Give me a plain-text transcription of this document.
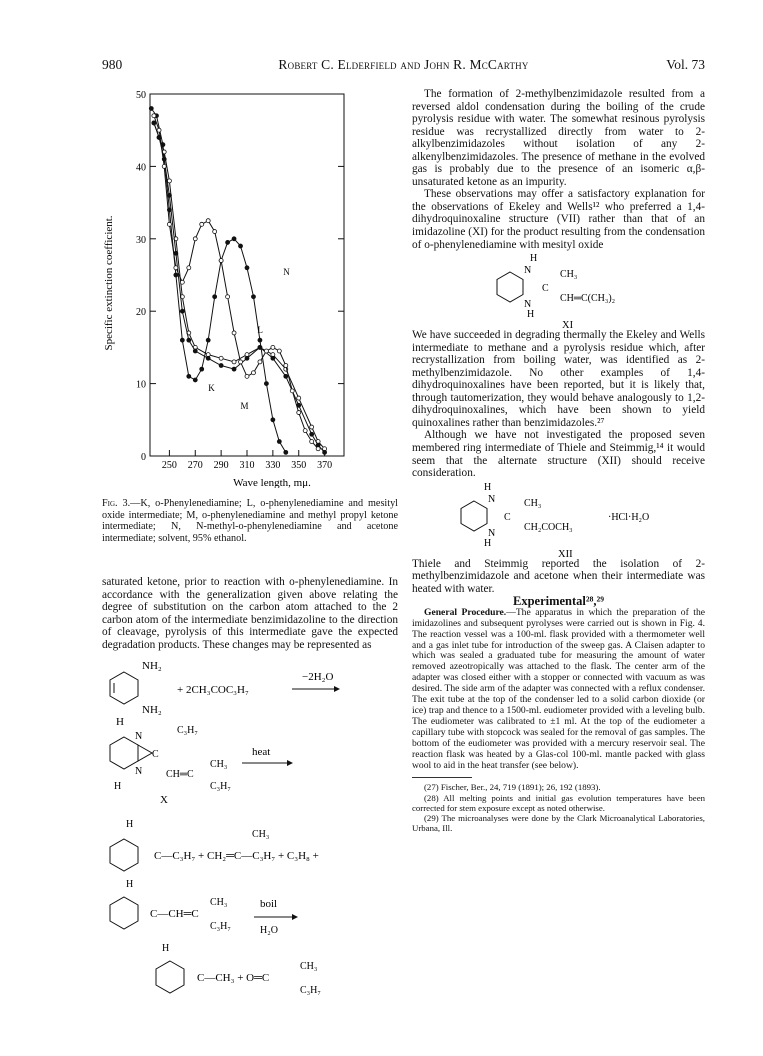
980	Robert C. Elderfield and John R. McCarthy	Vol. 73
K
L
M
N
0
10
20
30
40
50
250 270 290 310 330 350 370
Specific extinction coefficient.
Wave length, mμ.
Fig. 3.—K, o-Phenylenediamine; L, o-phenylenediamine and mesityl oxide intermediate; M, o-phenylenediamine and methyl propyl ketone intermediate; N, N-methyl-o-phenylenediamine and acetone intermediate; solvent, 95% ethanol.

saturated ketone, prior to reaction with o-phenylenediamine. In accordance with the generalization given above relating the degree of substitution on the carbon atom attached to the 2 carbon atom of the intermediate benzimidazoline to the direction of cleavage, pyrolysis of this intermediate gave the expected degradation products. These changes may be represented as

NH₂
NH₂
+ 2CH₃COC₃H₇
−2H₂O
H
N
N
C
C₃H₇
CH═C
CH₃
C₃H₇
heat
H
X
H
C—C₃H₇ + CH₂═C—C₃H₇ + C₃H₈ +
CH₃
H
C—CH═C
CH₃
C₃H₇
boil
H₂O
H
C—CH₃ + O═C
CH₃
C₃H₇

The formation of 2-methylbenzimidazole resulted from a reversed aldol condensation during the boiling of the crude pyrolysis residue with water. The somewhat resinous pyrolysis residue was recrystallized directly from water to 2-alkylbenzimidazoles without isolation of any 2-alkenylbenzimidazoles. The presence of methane in the evolved gas is probably due to the presence of an isomeric α,β-unsaturated ketone as an impurity.

These observations may offer a satisfactory explanation for the observations of Ekeley and Wells¹² who preferred a 1,4-dihydroquinoxaline structure (VII) rather than that of an imidazoline (XI) for the product resulting from the condensation of o-phenylenediamine with mesityl oxide

H
N
N
C
CH₃
CH═C(CH₃)₂
H
XI

We have succeeded in degrading thermally the Ekeley and Wells intermediate to methane and a pyrolysis residue which, after recrystallization from boiling water, was identified as 2-methylbenzimidazole. No other examples of 1,4-dihydroquinoxalines have been reported, but it is likely that, through tautomerization, they would behave analogously to 1,2-dihydroquinoxalines, which have been shown to yield quinoxalines rather than benzimidazoles.²⁷

Although we have not investigated the proposed seven membered ring intermediate of Thiele and Steimmig,¹⁴ it would seem that the alternate structure (XII) should receive consideration.

H
N
N
C
CH₃
CH₂COCH₃
·HCl·H₂O
H
XII

Thiele and Steimmig reported the isolation of 2-methylbenzimidazole and acetone when their intermediate was heated with water.

Experimental²⁸,²⁹

General Procedure.—The apparatus in which the preparation of the imidazolines and subsequent pyrolyses were carried out is shown in Fig. 4. The reaction vessel was a 100-ml. flask provided with a thermometer well and a gas inlet tube for introduction of the sweep gas. A Claisen adapter to which was sealed a graduated tube for measuring the amount of water removed azeotropically was attached to the flask. The center arm of the adapter was closed either with a stopper or connected with vacuum as was desired. The side arm of the adapter was connected with a reflux condenser. The exit tube at the top of the condenser led to a solid carbon dioxide (or ice) trap and thence to a 1500-ml. eudiometer provided with a leveling bulb. The eudiometer was calibrated to ±1 ml. At the top of the eudiometer a capillary tube with stopcock was sealed for the removal of gas samples. The bottom of the eudiometer was provided with a mercury reservoir seal. The reaction flask was heated by a Glas-col 100-ml. mantle packed with glass wool to aid in the heat transfer (see below).

(27) Fischer, Ber., 24, 719 (1891); 26, 192 (1893).

(28) All melting points and initial gas evolution temperatures have been corrected for stem exposure except as noted otherwise.

(29) The microanalyses were done by the Clark Microanalytical Laboratories, Urbana, Ill.
